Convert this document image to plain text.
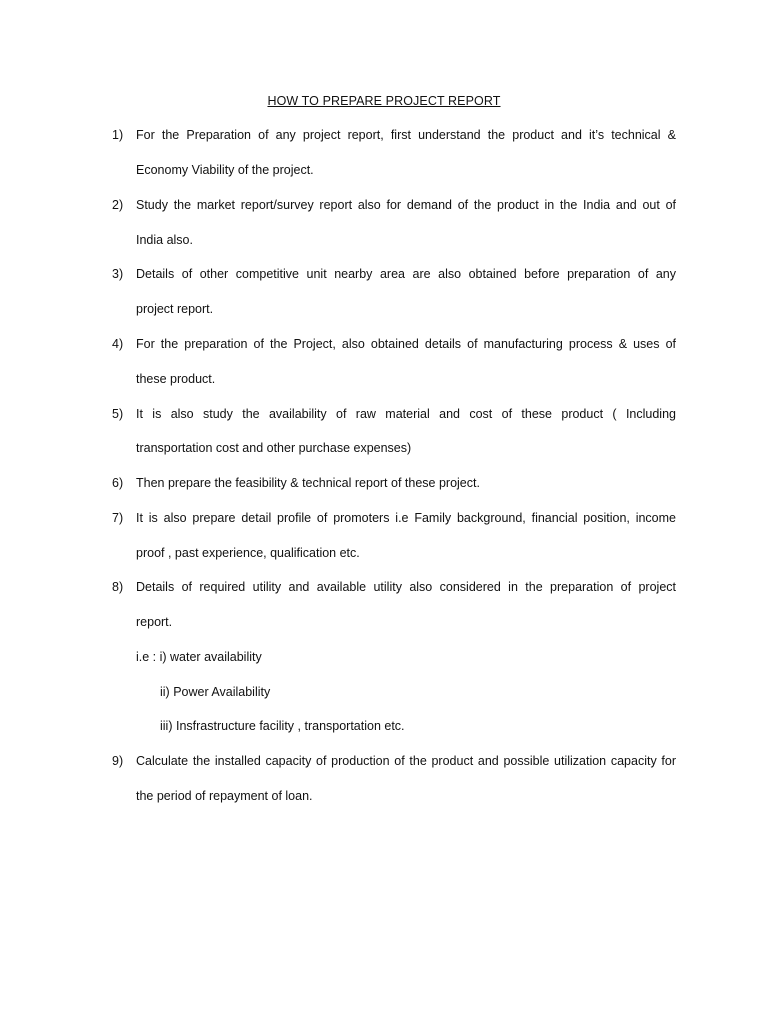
HOW TO PREPARE PROJECT REPORT
1) For the Preparation of any project report, first understand the product and it’s technical &
Economy Viability of the project.
2) Study the market report/survey report also for demand of the product in the India and out of
India also.
3) Details of other competitive unit nearby area are also obtained before preparation of any
project report.
4) For the preparation of the Project, also obtained details of manufacturing process & uses of
these product.
5) It is also study the availability of raw material and cost of these product ( Including
transportation cost and other purchase expenses)
6) Then prepare the feasibility & technical report of these project.
7) It is also prepare detail profile of promoters i.e Family background, financial position, income
proof , past experience, qualification etc.
8) Details of required utility and available utility also considered in the preparation of project
report.
i.e : i) water availability
ii) Power Availability
iii) Insfrastructure facility , transportation etc.
9) Calculate the installed capacity of production of the product and possible utilization capacity for
the period of repayment of loan.
